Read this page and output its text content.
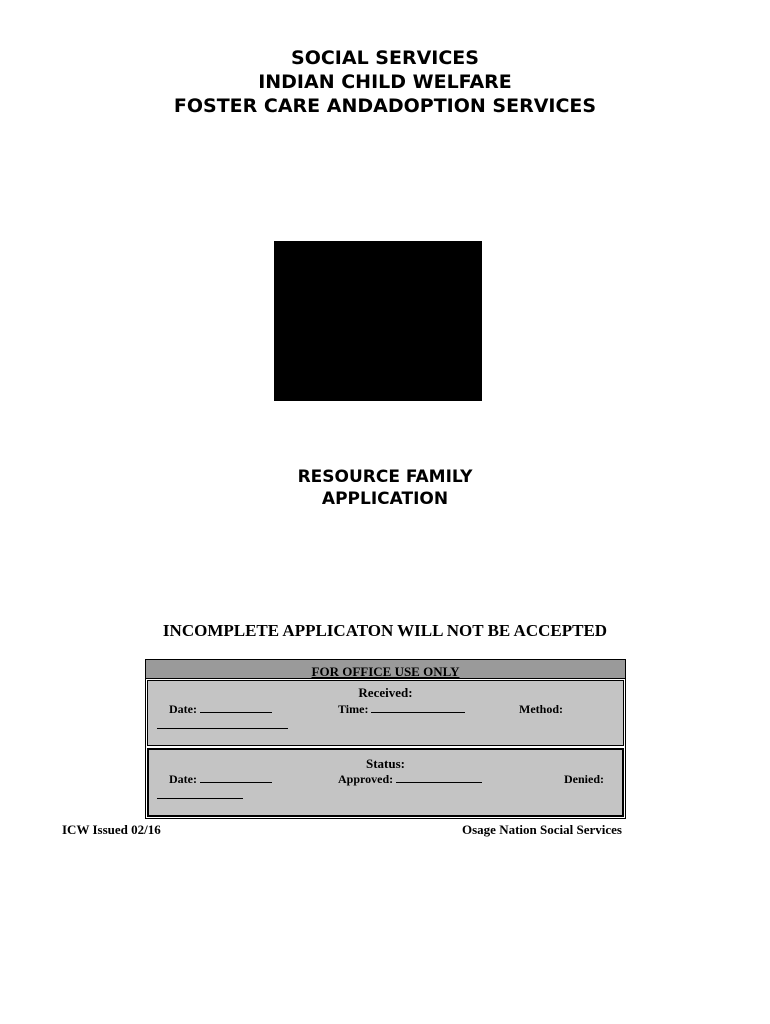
SOCIAL SERVICES
INDIAN CHILD WELFARE
FOSTER CARE ANDADOPTION SERVICES
RESOURCE FAMILY
APPLICATION
INCOMPLETE APPLICATON WILL NOT BE ACCEPTED
FOR OFFICE USE ONLY
Received:
Date:	Time:	Method:
Status:
Date:	Approved:	Denied:
ICW Issued 02/16	Osage Nation Social Services
